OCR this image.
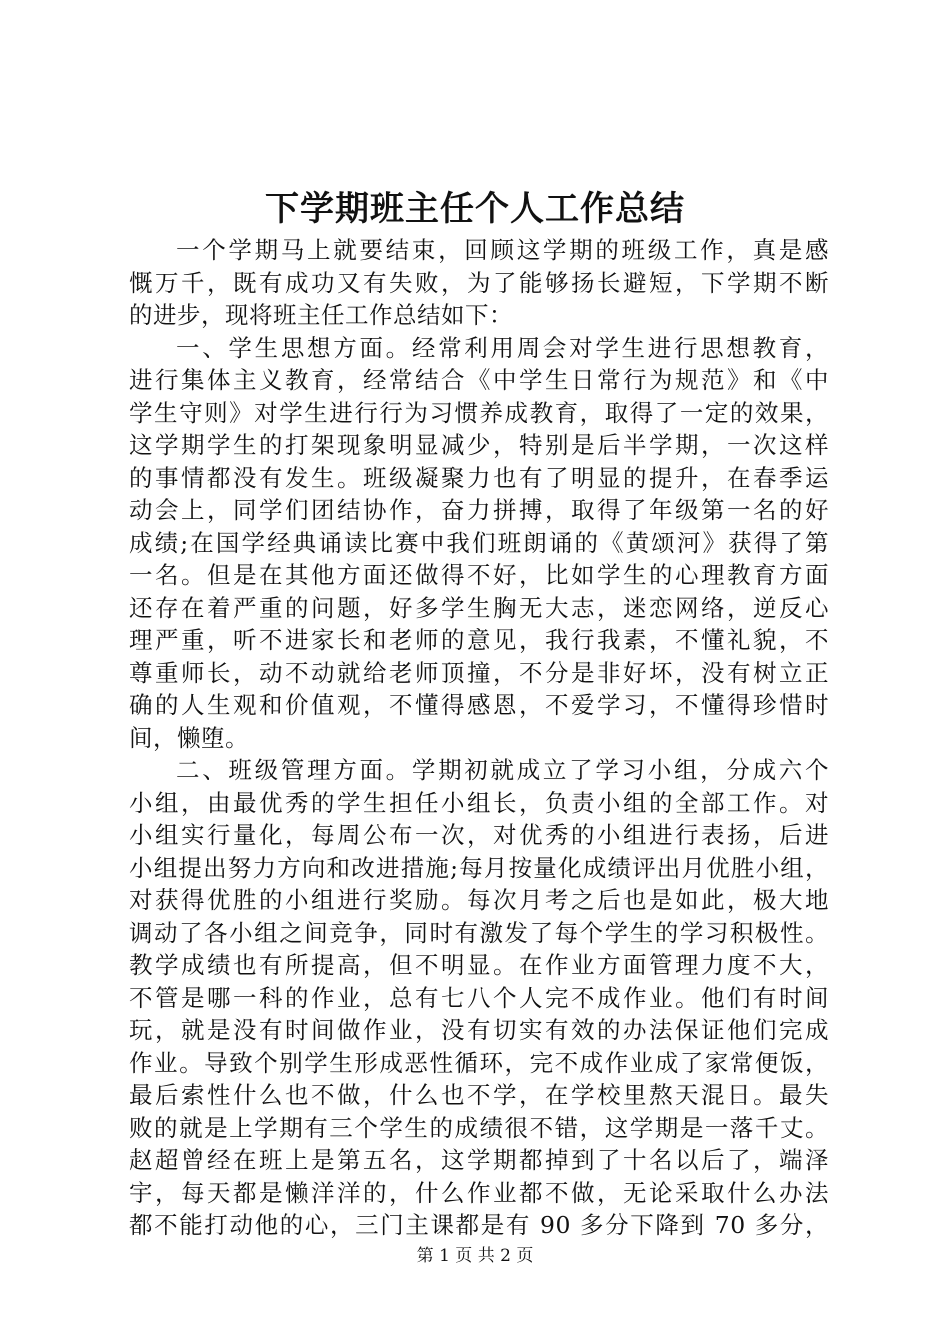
下学期班主任个人工作总结
一个学期马上就要结束，回顾这学期的班级工作，真是感
慨万千，既有成功又有失败，为了能够扬长避短，下学期不断
的进步，现将班主任工作总结如下：
一、学生思想方面。经常利用周会对学生进行思想教育，
进行集体主义教育，经常结合《中学生日常行为规范》和《中
学生守则》对学生进行行为习惯养成教育，取得了一定的效果，
这学期学生的打架现象明显减少，特别是后半学期，一次这样
的事情都没有发生。班级凝聚力也有了明显的提升，在春季运
动会上，同学们团结协作，奋力拼搏，取得了年级第一名的好
成绩;在国学经典诵读比赛中我们班朗诵的《黄颂河》获得了第
一名。但是在其他方面还做得不好，比如学生的心理教育方面
还存在着严重的问题，好多学生胸无大志，迷恋网络，逆反心
理严重，听不进家长和老师的意见，我行我素，不懂礼貌，不
尊重师长，动不动就给老师顶撞，不分是非好坏，没有树立正
确的人生观和价值观，不懂得感恩，不爱学习，不懂得珍惜时
间，懒堕。
二、班级管理方面。学期初就成立了学习小组，分成六个
小组，由最优秀的学生担任小组长，负责小组的全部工作。对
小组实行量化，每周公布一次，对优秀的小组进行表扬，后进
小组提出努力方向和改进措施;每月按量化成绩评出月优胜小组，
对获得优胜的小组进行奖励。每次月考之后也是如此，极大地
调动了各小组之间竞争，同时有激发了每个学生的学习积极性。
教学成绩也有所提高，但不明显。在作业方面管理力度不大，
不管是哪一科的作业，总有七八个人完不成作业。他们有时间
玩，就是没有时间做作业，没有切实有效的办法保证他们完成
作业。导致个别学生形成恶性循环，完不成作业成了家常便饭，
最后索性什么也不做，什么也不学，在学校里熬天混日。最失
败的就是上学期有三个学生的成绩很不错，这学期是一落千丈。
赵超曾经在班上是第五名，这学期都掉到了十名以后了，端泽
宇，每天都是懒洋洋的，什么作业都不做，无论采取什么办法
都不能打动他的心，三门主课都是有 90 多分下降到 70 多分，
第 1 页 共 2 页
